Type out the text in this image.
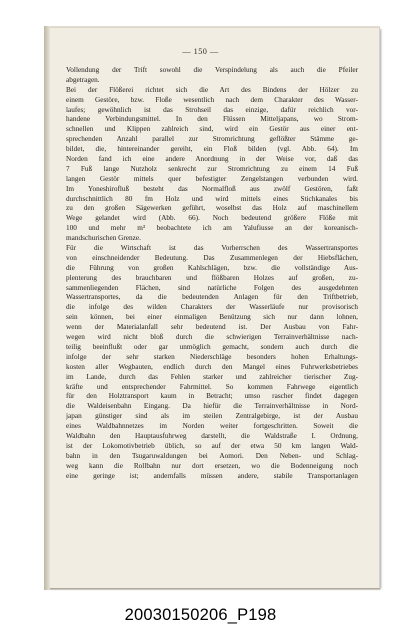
— 150 —
Vollendung der Trift sowohl die Verspindelung als auch die Pfeiler
abgetragen.
Bei der Flößerei richtet sich die Art des Bindens der Hölzer zu
einem Gestöre, bzw. Floße wesentlich nach dem Charakter des Wasser-
laufes; gewöhnlich ist das Strohseil das einzige, dafür reichlich vor-
handene Verbindungsmittel. In den Flüssen Mitteljapans, wo Strom-
schnellen und Klippen zahlreich sind, wird ein Gestör aus einer ent-
sprechenden Anzahl parallel zur Stromrichtung geflößter Stämme ge-
bildet, die, hintereinander gereiht, ein Floß bilden (vgl. Abb. 64). Im
Norden fand ich eine andere Anordnung in der Weise vor, daß das
7 Fuß lange Nutzholz senkrecht zur Stromrichtung zu einem 14 Fuß
langen Gestör mittels quer befestigter Zengelstangen verbunden wird.
Im Yoneshirofluß besteht das Normalfloß aus zwölf Gestören, faßt
durchschnittlich 80 fm Holz und wird mittels eines Stichkanales bis
zu den großen Sägewerken geführt, woselbst das Holz auf maschinellem
Wege gelandet wird (Abb. 66). Noch bedeutend größere Flöße mit
100 und mehr m³ beobachtete ich am Yalufiusse an der koreanisch-
mandschurischen Grenze.
Für die Wirtschaft ist das Vorherrschen des Wassertransportes
von einschneidender Bedeutung. Das Zusammenlegen der Hiebsflächen,
die Führung von großen Kahlschlägen, bzw. die vollständige Aus-
plenterung des brauchbaren und flößbaren Holzes auf großen, zu-
sammenliegenden Flächen, sind natürliche Folgen des ausgedehnten
Wassertransportes, da die bedeutenden Anlagen für den Triftbetrieb,
die infolge des wilden Charakters der Wasserläufe nur provisorisch
sein können, bei einer einmaligen Benützung sich nur dann lohnen,
wenn der Materialanfall sehr bedeutend ist. Der Ausbau von Fahr-
wegen wird nicht bloß durch die schwierigen Terrainverhältnisse nach-
teilig beeinflußt oder gar unmöglich gemacht, sondern auch durch die
infolge der sehr starken Niederschläge besonders hohen Erhaltungs-
kosten aller Wegbauten, endlich durch den Mangel eines Fuhrwerksbetriebes
im Lande, durch das Fehlen starker und zahlreicher tierischer Zug-
kräfte und entsprechender Fahrmittel. So kommen Fahrwege eigentlich
für den Holztransport kaum in Betracht; umso rascher findet dagegen
die Waldeisenbahn Eingang. Da hiefür die Terrainverhältnisse in Nord-
japan günstiger sind als im steilen Zentralgebirge, ist der Ausbau
eines Waldbahnnetzes im Norden weiter fortgeschritten. Soweit die
Waldbahn den Hauptausfuhrweg darstellt, die Waldstraße I. Ordnung,
ist der Lokomotivbetrieb üblich, so auf der etwa 50 km langen Wald-
bahn in den Tsugaruwaldungen bei Aomori. Den Neben- und Schlag-
weg kann die Rollbahn nur dort ersetzen, wo die Bodenneigung noch
eine geringe ist; andernfalls müssen andere, stabile Transportanlagen
20030150206_P198
